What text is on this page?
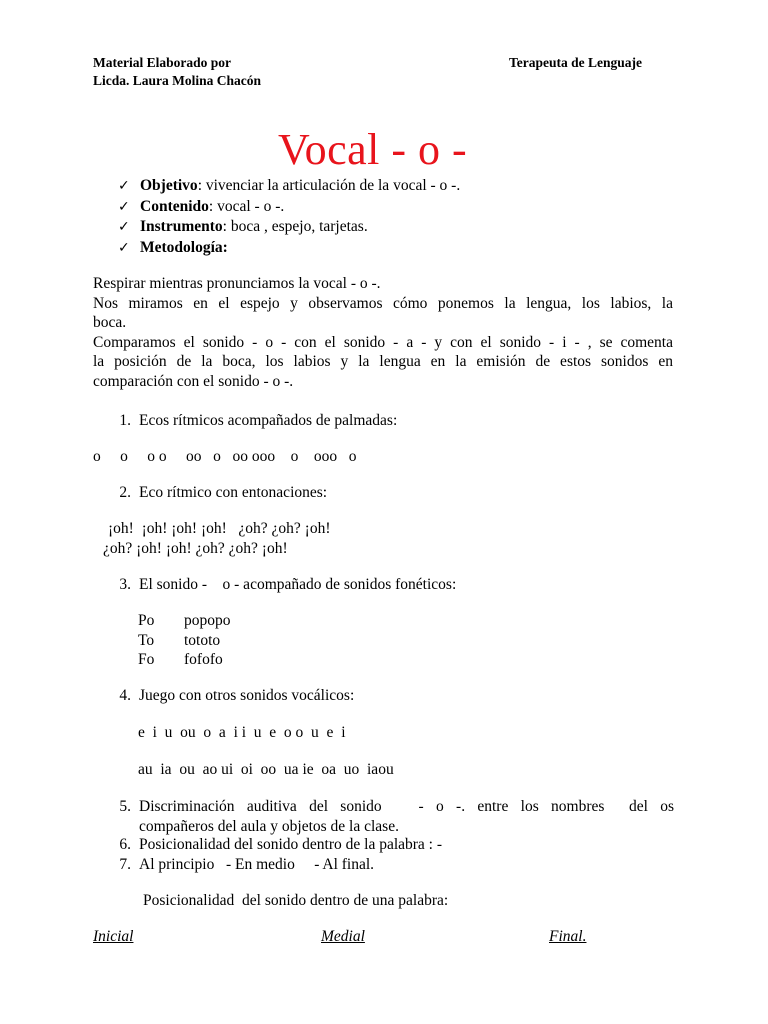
Material Elaborado por
Licda. Laura Molina Chacón
Terapeuta de Lenguaje
Vocal - o -
✓ Objetivo: vivenciar la articulación de la vocal - o -.
✓ Contenido: vocal - o -.
✓ Instrumento: boca , espejo, tarjetas.
✓ Metodología:
Respirar mientras pronunciamos la vocal - o -.
Nos miramos en el espejo y observamos cómo ponemos la lengua, los labios, la
boca.
Comparamos el sonido - o - con el sonido - a - y con el sonido - i - , se comenta
la posición de la boca, los labios y la lengua en la emisión de estos sonidos en
comparación con el sonido - o -.
1. Ecos rítmicos acompañados de palmadas:
o     o     o o     oo   o   oo ooo    o    ooo   o
2. Eco rítmico con entonaciones:
¡oh!  ¡oh! ¡oh! ¡oh!   ¿oh? ¿oh? ¡oh!
¿oh? ¡oh! ¡oh! ¿oh? ¿oh? ¡oh!
3. El sonido -    o - acompañado de sonidos fonéticos:
Po	popopo
To	tototo
Fo	fofofo
4. Juego con otros sonidos vocálicos:
e  i  u  ou  o  a  i i  u  e  o o  u  e  i
au  ia  ou  ao ui  oi  oo  ua ie  oa  uo  iaou
5. Discriminación auditiva del sonido   - o -. entre los nombres  del os
compañeros del aula y objetos de la clase.
6. Posicionalidad del sonido dentro de la palabra : -
7. Al principio   - En medio     - Al final.
Posicionalidad  del sonido dentro de una palabra:
Inicial	Medial	Final.
